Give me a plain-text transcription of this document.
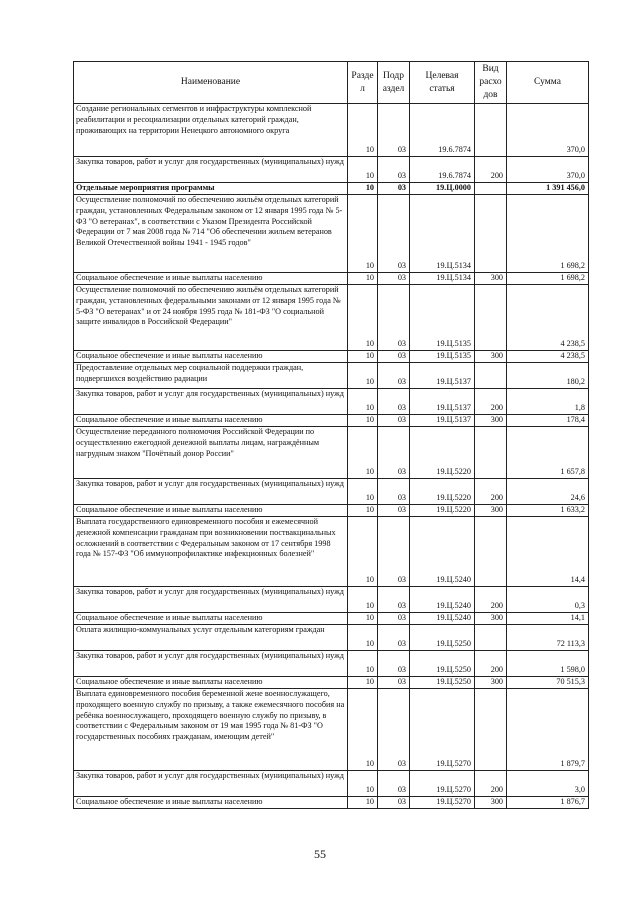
Наименование	Разде л	Подр аздел	Целевая статья	Вид расхо дов	Сумма
Создание региональных сегментов и инфраструктуры комплексной реабилитации и ресоциализации отдельных категорий граждан, проживающих на территории Ненецкого автономного округа	10	03	19.6.7874		370,0
Закупка товаров, работ и услуг для государственных (муниципальных) нужд	10	03	19.6.7874	200	370,0
Отдельные мероприятия программы	10	03	19.Ц.0000		1 391 456,0
Осуществление полномочий по обеспечению жильём отдельных категорий граждан, установленных Федеральным законом от 12 января 1995 года № 5-ФЗ "О ветеранах", в соответствии с Указом Президента Российской Федерации от 7 мая 2008 года № 714 "Об обеспечении жильем ветеранов Великой Отечественной войны 1941 - 1945 годов"	10	03	19.Ц.5134		1 698,2
Социальное обеспечение и иные выплаты населению	10	03	19.Ц.5134	300	1 698,2
Осуществление полномочий по обеспечению жильём отдельных категорий граждан, установленных федеральными законами от 12 января 1995 года № 5-ФЗ "О ветеранах" и от 24 ноября 1995 года № 181-ФЗ "О социальной защите инвалидов в Российской Федерации"	10	03	19.Ц.5135		4 238,5
Социальное обеспечение и иные выплаты населению	10	03	19.Ц.5135	300	4 238,5
Предоставление отдельных мер социальной поддержки граждан, подвергшихся воздействию радиации	10	03	19.Ц.5137		180,2
Закупка товаров, работ и услуг для государственных (муниципальных) нужд	10	03	19.Ц.5137	200	1,8
Социальное обеспечение и иные выплаты населению	10	03	19.Ц.5137	300	178,4
Осуществление переданного полномочия Российской Федерации по осуществлению ежегодной денежной выплаты лицам, награждённым нагрудным знаком "Почётный донор России"	10	03	19.Ц.5220		1 657,8
Закупка товаров, работ и услуг для государственных (муниципальных) нужд	10	03	19.Ц.5220	200	24,6
Социальное обеспечение и иные выплаты населению	10	03	19.Ц.5220	300	1 633,2
Выплата государственного единовременного пособия и ежемесячной денежной компенсации гражданам при возникновении поствакцинальных осложнений в соответствии с Федеральным законом от 17 сентября 1998 года № 157-ФЗ "Об иммунопрофилактике инфекционных болезней"	10	03	19.Ц.5240		14,4
Закупка товаров, работ и услуг для государственных (муниципальных) нужд	10	03	19.Ц.5240	200	0,3
Социальное обеспечение и иные выплаты населению	10	03	19.Ц.5240	300	14,1
Оплата жилищно-коммунальных услуг отдельным категориям граждан	10	03	19.Ц.5250		72 113,3
Закупка товаров, работ и услуг для государственных (муниципальных) нужд	10	03	19.Ц.5250	200	1 598,0
Социальное обеспечение и иные выплаты населению	10	03	19.Ц.5250	300	70 515,3
Выплата единовременного пособия беременной жене военнослужащего, проходящего военную службу по призыву, а также ежемесячного пособия на ребёнка военнослужащего, проходящего военную службу по призыву, в соответствии с Федеральным законом от 19 мая 1995 года № 81-ФЗ "О государственных пособиях гражданам, имеющим детей"	10	03	19.Ц.5270		1 879,7
Закупка товаров, работ и услуг для государственных (муниципальных) нужд	10	03	19.Ц.5270	200	3,0
Социальное обеспечение и иные выплаты населению	10	03	19.Ц.5270	300	1 876,7
55
